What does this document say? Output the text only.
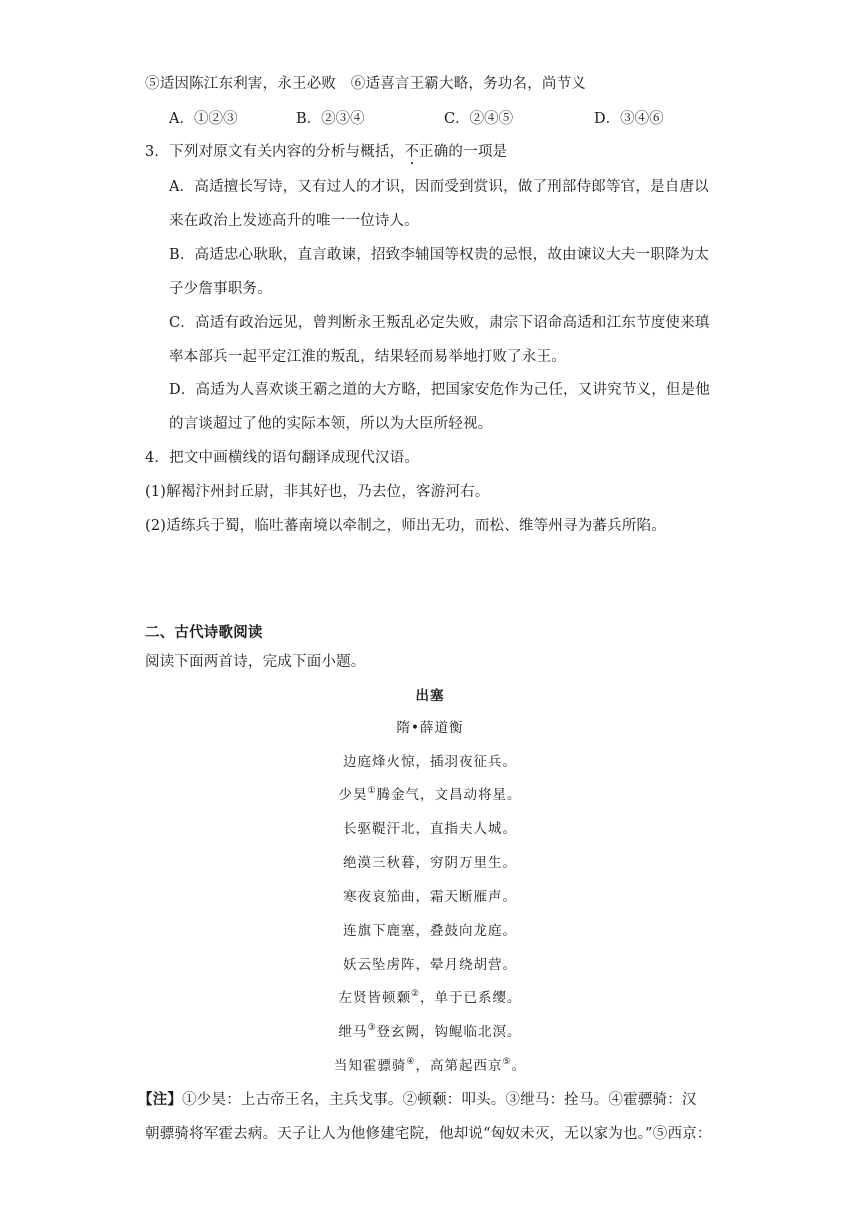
⑤适因陈江东利害，永王必败　⑥适喜言王霸大略，务功名，尚节义
A．①②③	B．②③④	C．②④⑤	D．③④⑥
3．下列对原文有关内容的分析与概括，不正确的一项是
A．高适擅长写诗，又有过人的才识，因而受到赏识，做了刑部侍郎等官，是自唐以
来在政治上发迹高升的唯一一位诗人。
B．高适忠心耿耿，直言敢谏，招致李辅国等权贵的忌恨，故由谏议大夫一职降为太
子少詹事职务。
C．高适有政治远见，曾判断永王叛乱必定失败，肃宗下诏命高适和江东节度使来瑱
率本部兵一起平定江淮的叛乱，结果轻而易举地打败了永王。
D．高适为人喜欢谈王霸之道的大方略，把国家安危作为己任，又讲究节义，但是他
的言谈超过了他的实际本领，所以为大臣所轻视。
4．把文中画横线的语句翻译成现代汉语。
(1)解褐汴州封丘尉，非其好也，乃去位，客游河右。
(2)适练兵于蜀，临吐蕃南境以牵制之，师出无功，而松、维等州寻为蕃兵所陷。
二、古代诗歌阅读
阅读下面两首诗，完成下面小题。
出塞
隋•薛道衡
边庭烽火惊，插羽夜征兵。
少昊①腾金气，文昌动将星。
长驱鞮汗北，直指夫人城。
绝漠三秋暮，穷阴万里生。
寒夜哀笳曲，霜天断雁声。
连旗下鹿塞，叠鼓向龙庭。
妖云坠虏阵，晕月绕胡营。
左贤皆顿颡②，单于已系缨。
绁马③登玄阙，钩鲲临北溟。
当知霍骠骑④，高第起西京⑤。
【注】①少昊：上古帝王名，主兵戈事。②顿颡：叩头。③绁马：拴马。④霍骠骑：汉
朝骠骑将军霍去病。天子让人为他修建宅院，他却说“匈奴未灭，无以家为也。”⑤西京：
